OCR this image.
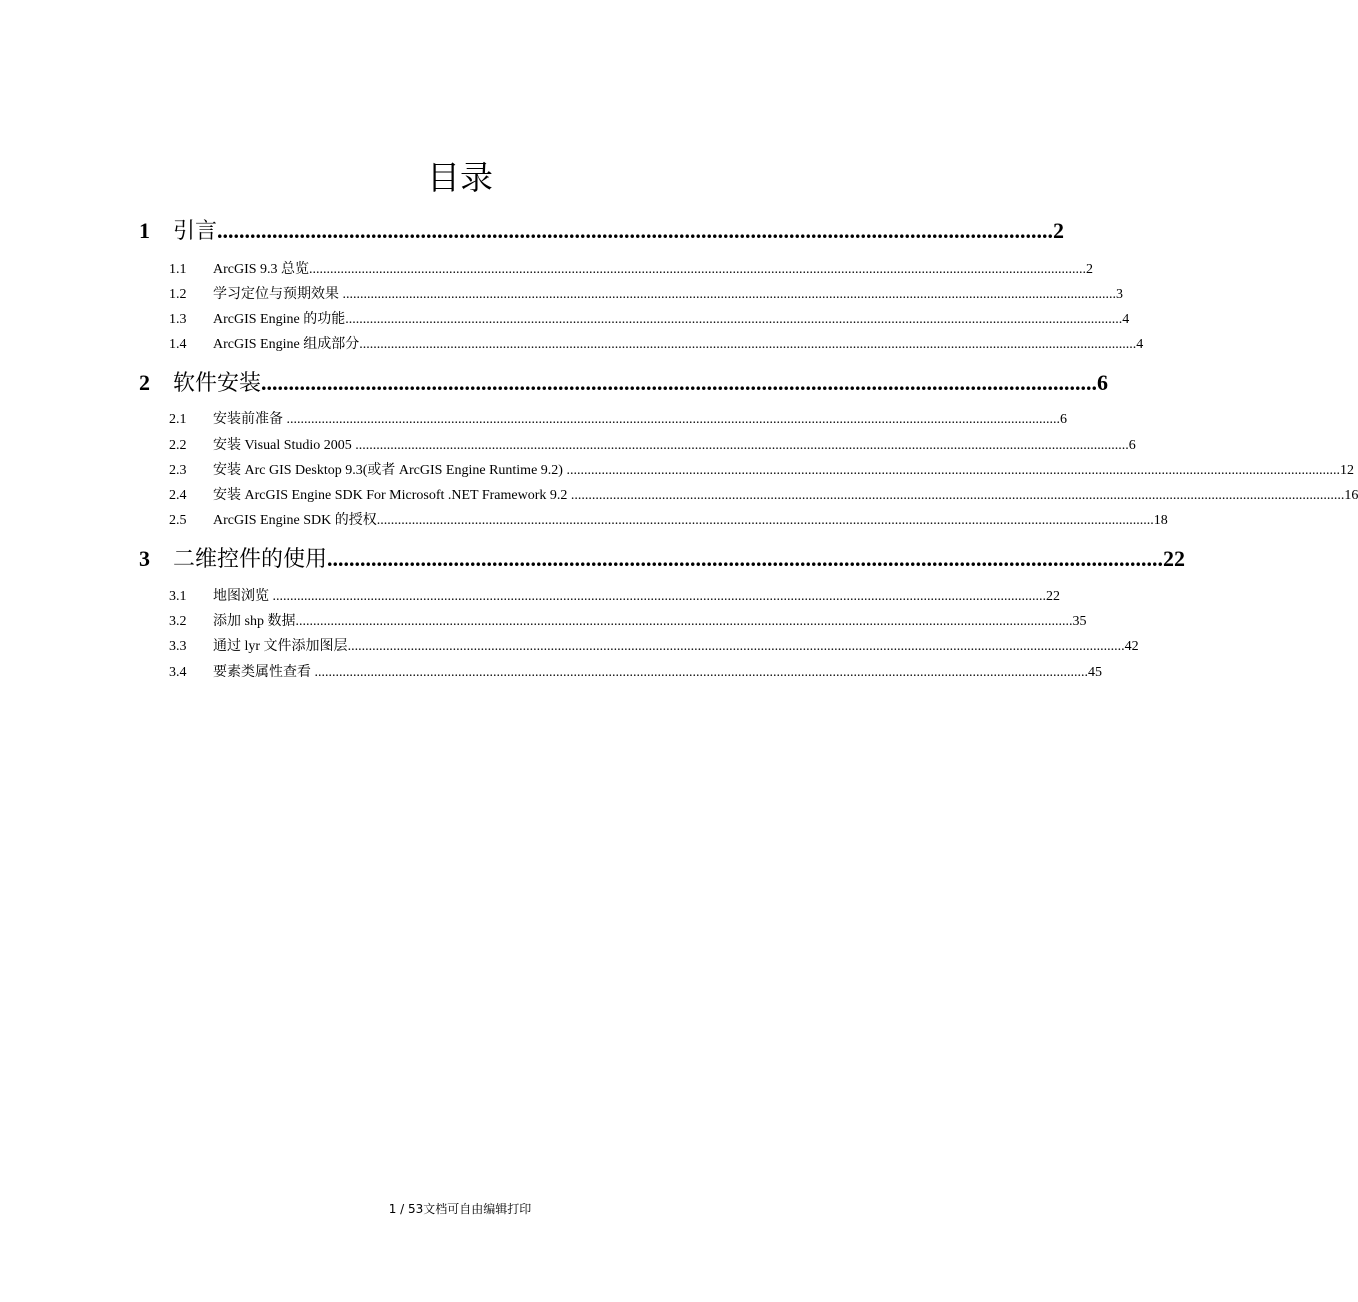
目录
1	引言 ........................................................................................................................................................ 2
1.1	ArcGIS 9.3 总览 .............................................................................................................................................................................................................................. 2
1.2	学习定位与预期效果 ............................................................................................................................................................................................................................. 3
1.3	ArcGIS Engine 的功能 .............................................................................................................................................................................................................................. 4
1.4	ArcGIS Engine 组成部分 .............................................................................................................................................................................................................................. 4
2	软件安装 ........................................................................................................................................................ 6
2.1	安装前准备 ............................................................................................................................................................................................................................. 6
2.2	安装 Visual Studio 2005 ............................................................................................................................................................................................................................. 6
2.3	安装 Arc GIS Desktop 9.3(或者 ArcGIS Engine Runtime 9.2) ............................................................................................................................................................................................................................. 12
2.4	安装 ArcGIS Engine SDK For Microsoft .NET Framework 9.2 ............................................................................................................................................................................................................................. 16
2.5	ArcGIS Engine SDK 的授权 .............................................................................................................................................................................................................................. 18
3	二维控件的使用 ........................................................................................................................................................ 22
3.1	地图浏览 ............................................................................................................................................................................................................................. 22
3.2	添加 shp 数据 .............................................................................................................................................................................................................................. 35
3.3	通过 lyr 文件添加图层 .............................................................................................................................................................................................................................. 42
3.4	要素类属性查看 ............................................................................................................................................................................................................................. 45
1 / 53文档可自由编辑打印
